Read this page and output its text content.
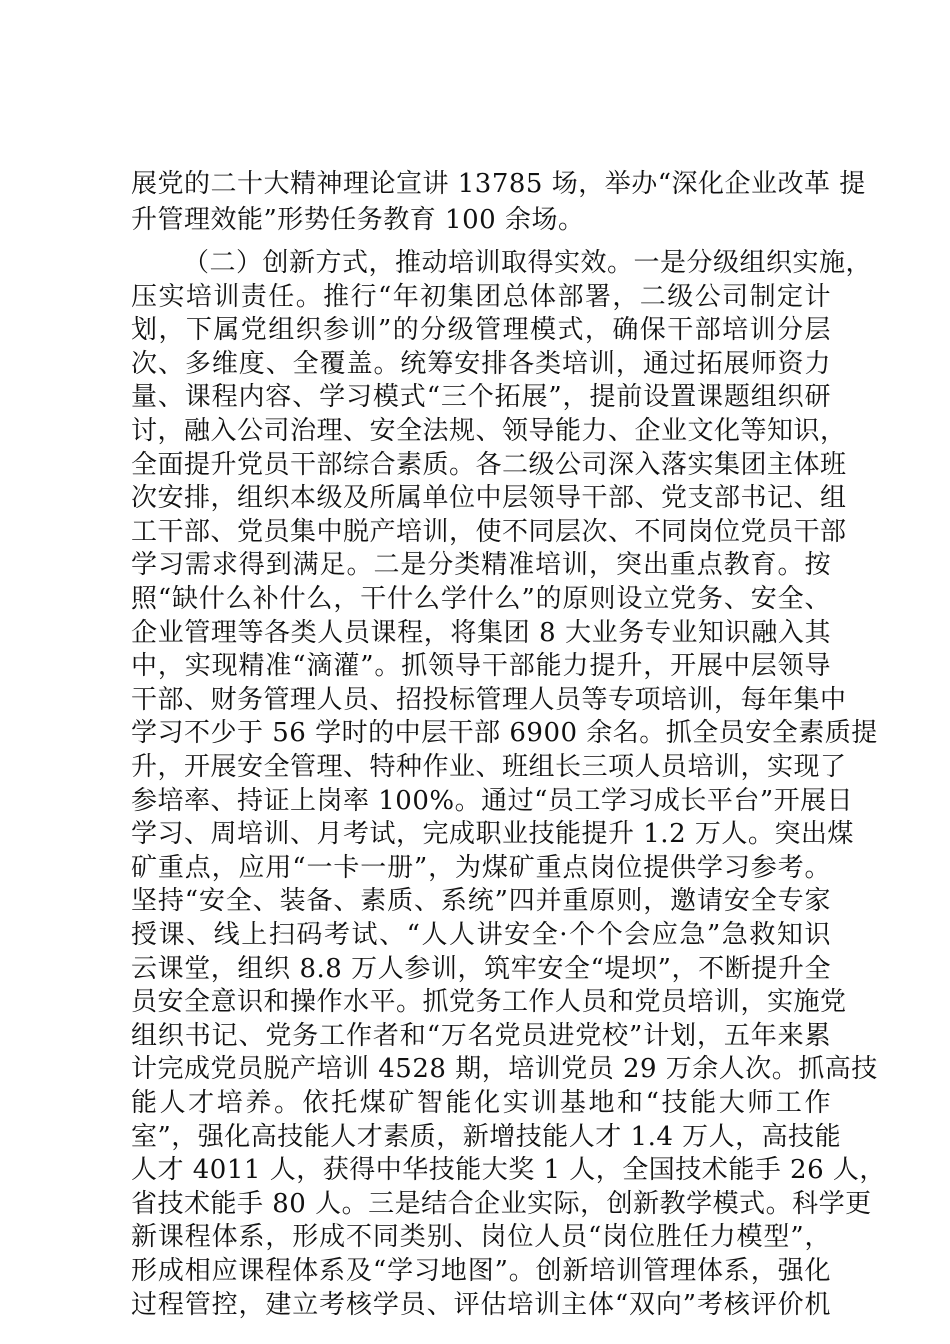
展党的二十大精神理论宣讲 13785 场，举办“深化企业改革 提
升管理效能”形势任务教育 100 余场。
（二）创新方式，推动培训取得实效。一是分级组织实施，
压实培训责任。推行“年初集团总体部署，二级公司制定计
划，下属党组织参训”的分级管理模式，确保干部培训分层
次、多维度、全覆盖。统筹安排各类培训，通过拓展师资力
量、课程内容、学习模式“三个拓展”，提前设置课题组织研
讨，融入公司治理、安全法规、领导能力、企业文化等知识，
全面提升党员干部综合素质。各二级公司深入落实集团主体班
次安排，组织本级及所属单位中层领导干部、党支部书记、组
工干部、党员集中脱产培训，使不同层次、不同岗位党员干部
学习需求得到满足。二是分类精准培训，突出重点教育。按
照“缺什么补什么，干什么学什么”的原则设立党务、安全、
企业管理等各类人员课程，将集团 8 大业务专业知识融入其
中，实现精准“滴灌”。抓领导干部能力提升，开展中层领导
干部、财务管理人员、招投标管理人员等专项培训，每年集中
学习不少于 56 学时的中层干部 6900 余名。抓全员安全素质提
升，开展安全管理、特种作业、班组长三项人员培训，实现了
参培率、持证上岗率 100%。通过“员工学习成长平台”开展日
学习、周培训、月考试，完成职业技能提升 1.2 万人。突出煤
矿重点，应用“一卡一册”，为煤矿重点岗位提供学习参考。
坚持“安全、装备、素质、系统”四并重原则，邀请安全专家
授课、线上扫码考试、“人人讲安全·个个会应急”急救知识
云课堂，组织 8.8 万人参训，筑牢安全“堤坝”，不断提升全
员安全意识和操作水平。抓党务工作人员和党员培训，实施党
组织书记、党务工作者和“万名党员进党校”计划，五年来累
计完成党员脱产培训 4528 期，培训党员 29 万余人次。抓高技
能人才培养。依托煤矿智能化实训基地和“技能大师工作
室”，强化高技能人才素质，新增技能人才 1.4 万人，高技能
人才 4011 人，获得中华技能大奖 1 人，全国技术能手 26 人，
省技术能手 80 人。三是结合企业实际，创新教学模式。科学更
新课程体系，形成不同类别、岗位人员“岗位胜任力模型”，
形成相应课程体系及“学习地图”。创新培训管理体系，强化
过程管控，建立考核学员、评估培训主体“双向”考核评价机
